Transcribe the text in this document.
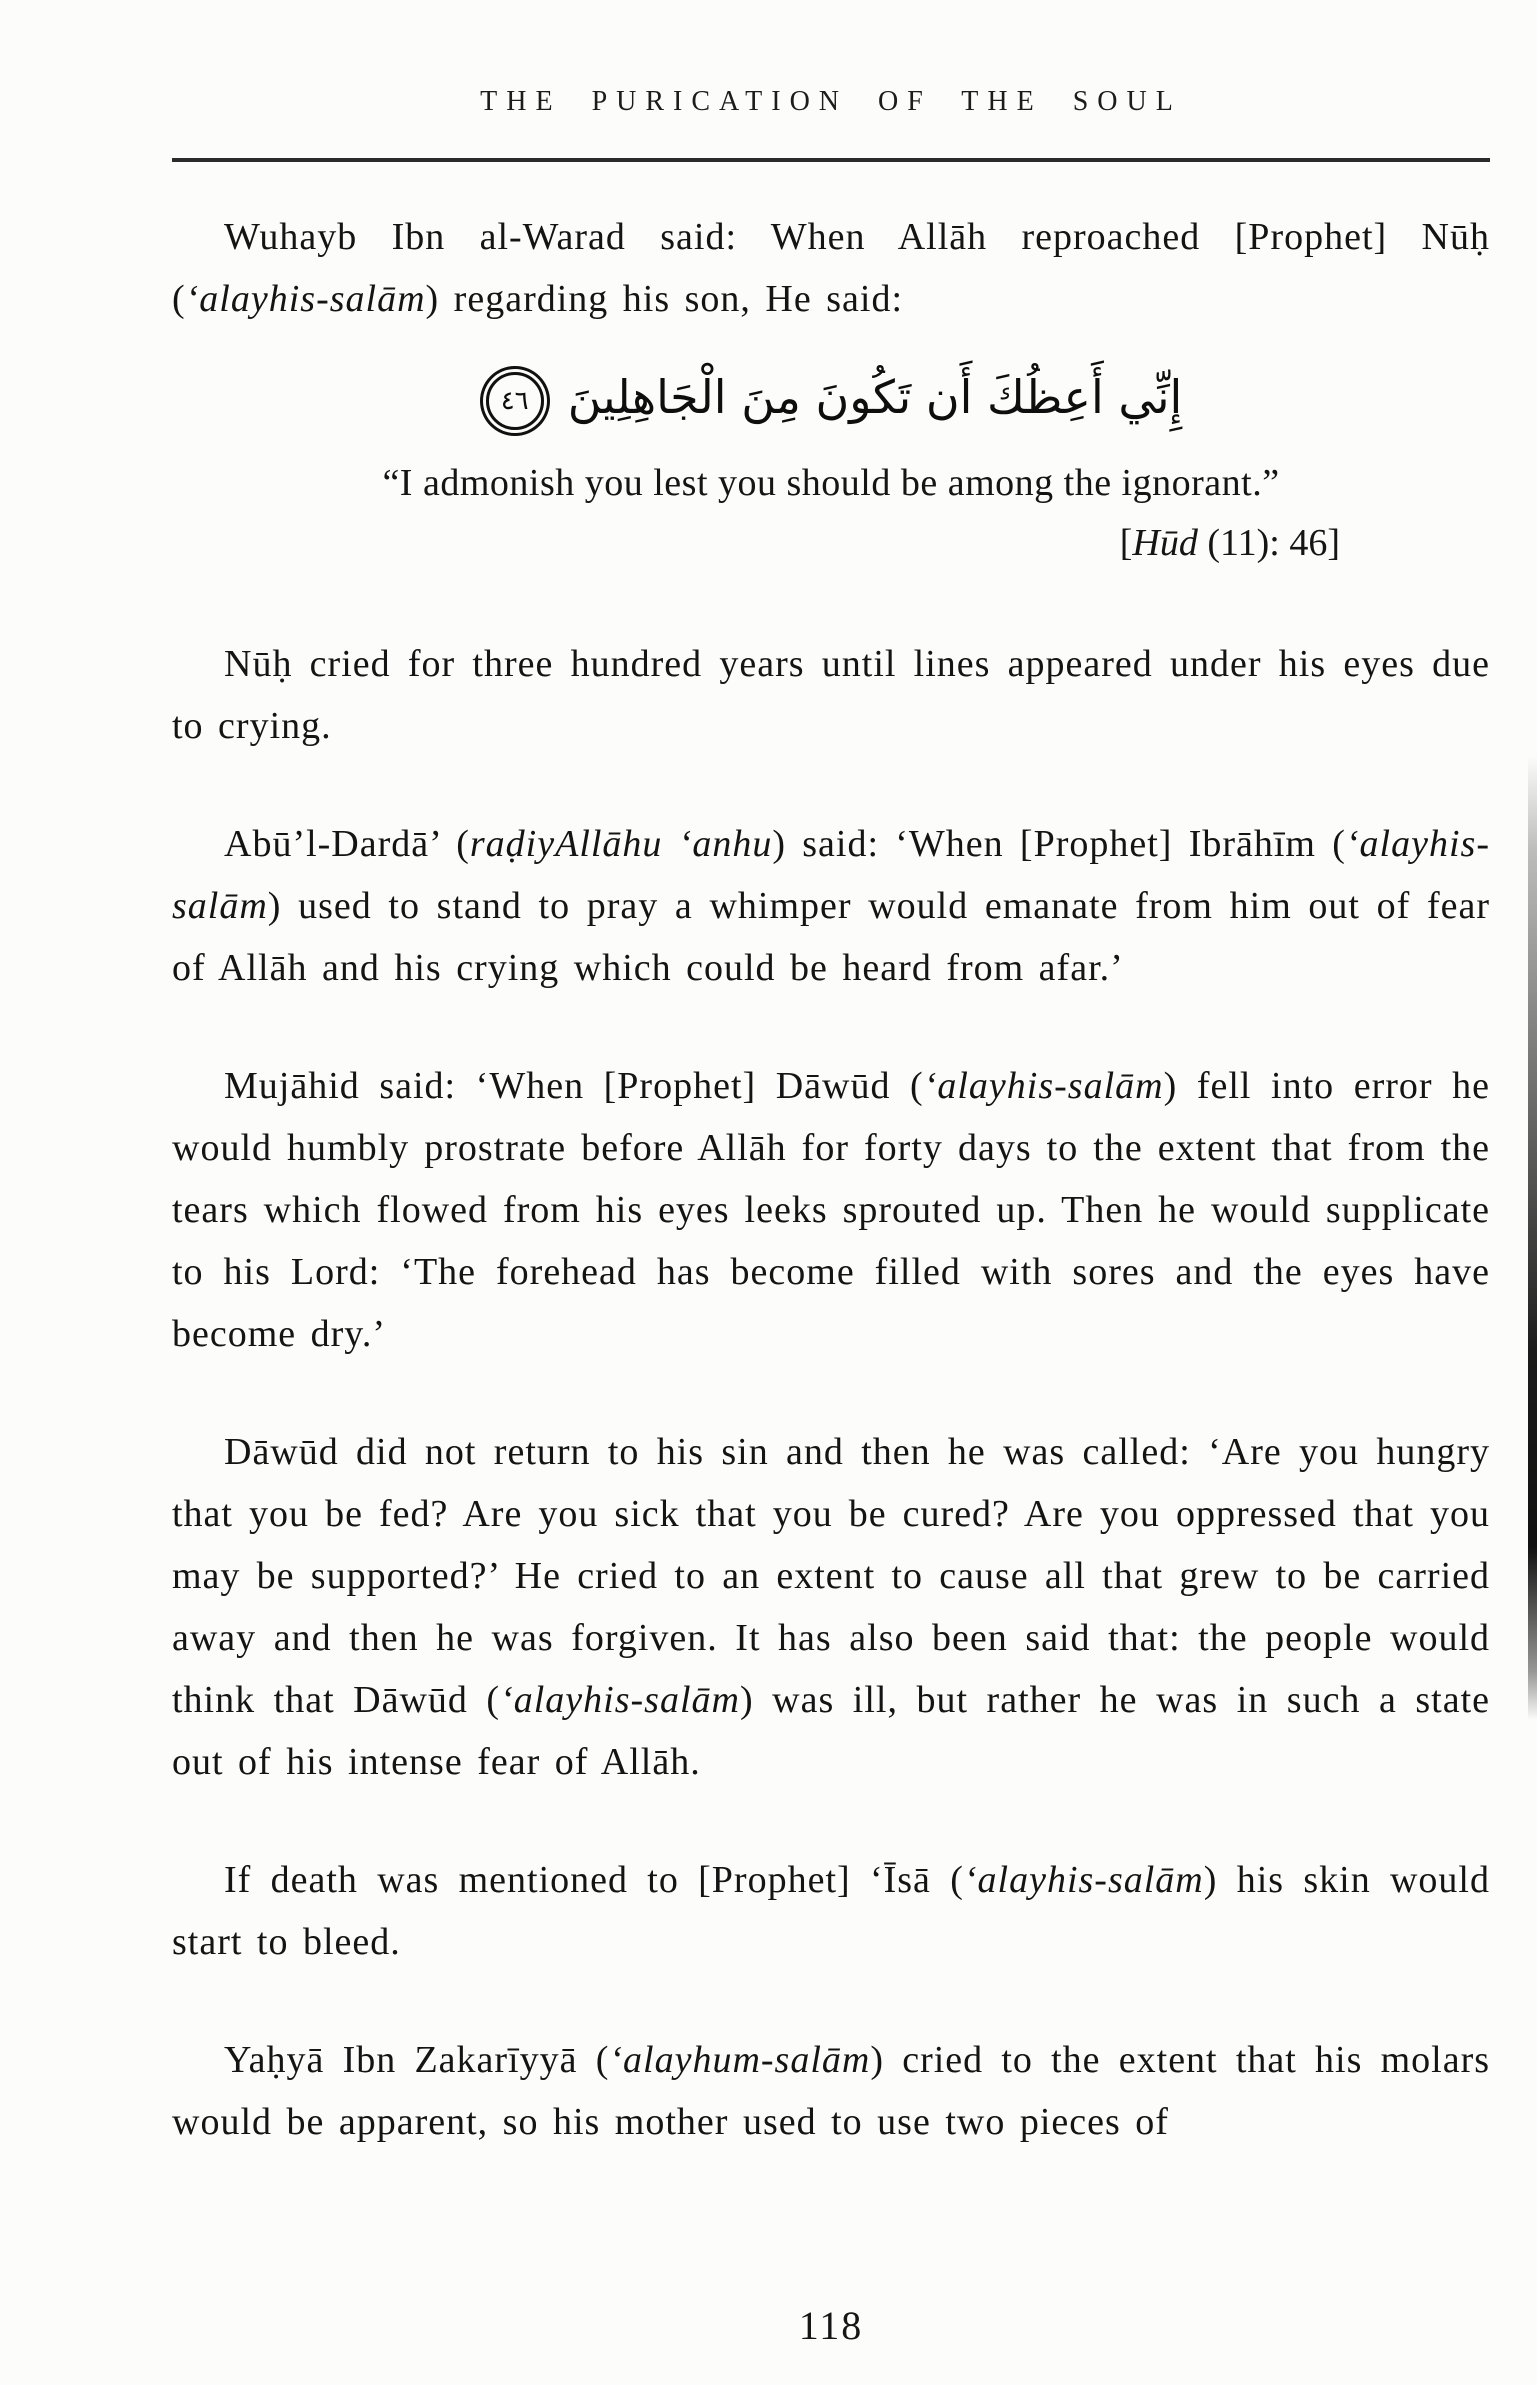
THE PURICATION OF THE SOUL

Wuhayb Ibn al-Warad said: When Allāh reproached [Prophet] Nūḥ (‘alayhis-salām) regarding his son, He said:

إِنِّي أَعِظُكَ أَن تَكُونَ مِنَ الْجَاهِلِينَ
٤٦
“I admonish you lest you should be among the ignorant.”
[Hūd (11): 46]

Nūḥ cried for three hundred years until lines appeared under his eyes due to crying.

Abū’l-Dardā’ (raḍiyAllāhu ‘anhu) said: ‘When [Prophet] Ibrāhīm (‘alayhis-salām) used to stand to pray a whimper would emanate from him out of fear of Allāh and his crying which could be heard from afar.’

Mujāhid said: ‘When [Prophet] Dāwūd (‘alayhis-salām) fell into error he would humbly prostrate before Allāh for forty days to the extent that from the tears which flowed from his eyes leeks sprouted up. Then he would supplicate to his Lord: ‘The forehead has become filled with sores and the eyes have become dry.’

Dāwūd did not return to his sin and then he was called: ‘Are you hungry that you be fed? Are you sick that you be cured? Are you oppressed that you may be supported?’ He cried to an extent to cause all that grew to be carried away and then he was forgiven. It has also been said that: the people would think that Dāwūd (‘alayhis-salām) was ill, but rather he was in such a state out of his intense fear of Allāh.

If death was mentioned to [Prophet] ‘Īsā (‘alayhis-salām) his skin would start to bleed.

Yaḥyā Ibn Zakarīyyā (‘alayhum-salām) cried to the extent that his molars would be apparent, so his mother used to use two pieces of

118
